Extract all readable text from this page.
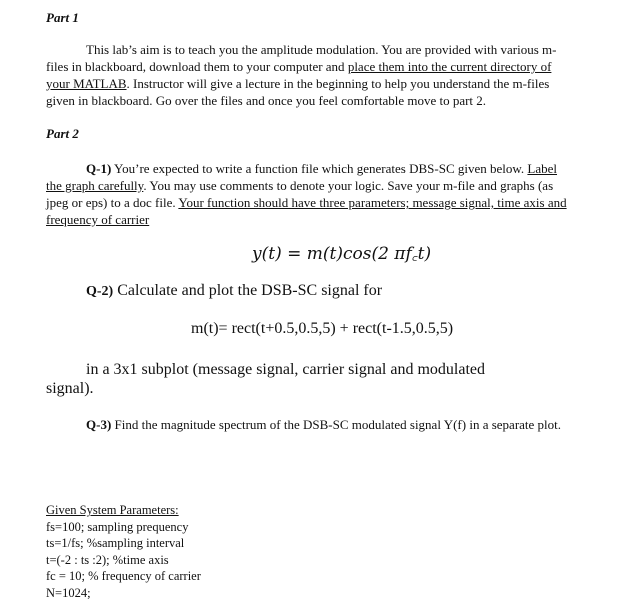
Part 1
This lab’s aim is to teach you the amplitude modulation. You are provided with various m-
files in blackboard, download them to your computer and place them into the current directory of
your MATLAB. Instructor will give a lecture in the beginning to help you understand the m-files
given in blackboard. Go over the files and once you feel comfortable move to part 2.
Part 2
Q-1) You’re expected to write a function file which generates DBS-SC given below. Label
the graph carefully. You may use comments to denote your logic. Save your m-file and graphs (as
jpeg or eps) to a doc file. Your function should have three parameters; message signal, time axis and
frequency of carrier
y(t) = m(t)cos(2 πf꜀t)
Q-2) Calculate and plot the DSB-SC signal for
m(t)= rect(t+0.5,0.5,5) + rect(t-1.5,0.5,5)
in a 3x1 subplot (message signal, carrier signal and modulated
signal).
Q-3) Find the magnitude spectrum of the DSB-SC modulated signal Y(f) in a separate plot.
Given System Parameters:
fs=100; sampling prequency
ts=1/fs; %sampling interval
t=(-2 : ts :2); %time axis
fc = 10; % frequency of carrier
N=1024;
